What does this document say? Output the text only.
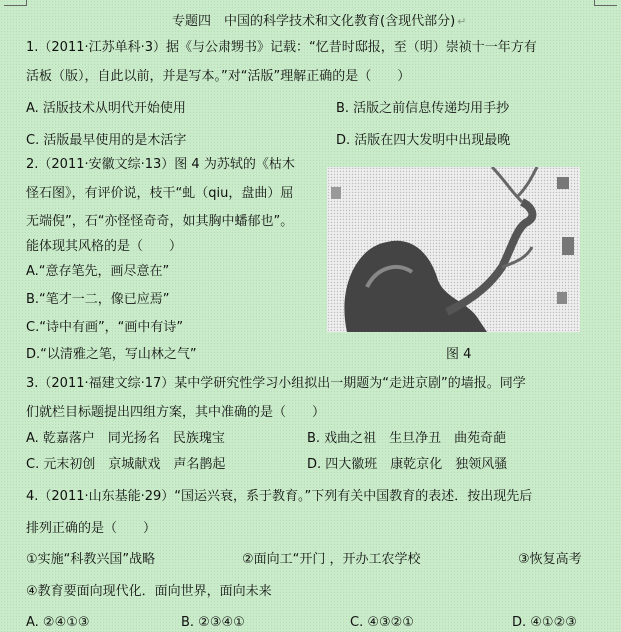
专题四　中国的科学技术和文化教育(含现代部分) ↵
1.（2011·江苏单科·3）据《与公肃甥书》记载：“忆昔时邸报，至（明）崇祯十一年方有
活板（版），自此以前，并是写本。”对“活版”理解正确的是（　　）
A. 活版技术从明代开始使用	B. 活版之前信息传递均用手抄
C. 活版最早使用的是木活字	D. 活版在四大发明中出现最晚
2.（2011·安徽文综·13）图 4 为苏轼的《枯木
怪石图》，有评价说，枝干“虬（qiu，盘曲）屈
无端倪”，石“亦怪怪奇奇，如其胸中蟠郁也”。
能体现其风格的是（　　）
A.“意存笔先，画尽意在”
B.“笔才一二，像已应焉”
C.“诗中有画”，“画中有诗”
D.“以清雅之笔，写山林之气”	图 4
3.（2011·福建文综·17）某中学研究性学习小组拟出一期题为“走进京剧”的墙报。同学
们就栏目标题提出四组方案，其中准确的是（　　）
A. 乾嘉落户　同光扬名　民族瑰宝	B. 戏曲之祖　生旦净丑　曲苑奇葩
C. 元末初创　京城献戏　声名鹊起	D. 四大徽班　康乾京化　独领风骚
4.（2011·山东基能·29）“国运兴衰，系于教育。”下列有关中国教育的表述．按出现先后
排列正确的是（　　）
①实施“科教兴国”战略	②面向工“开门 ，开办工农学校	③恢复高考
④教育要面向现代化．面向世界，面向未来
A. ②④①③	B. ②③④①	C. ④③②①	D. ④①②③
